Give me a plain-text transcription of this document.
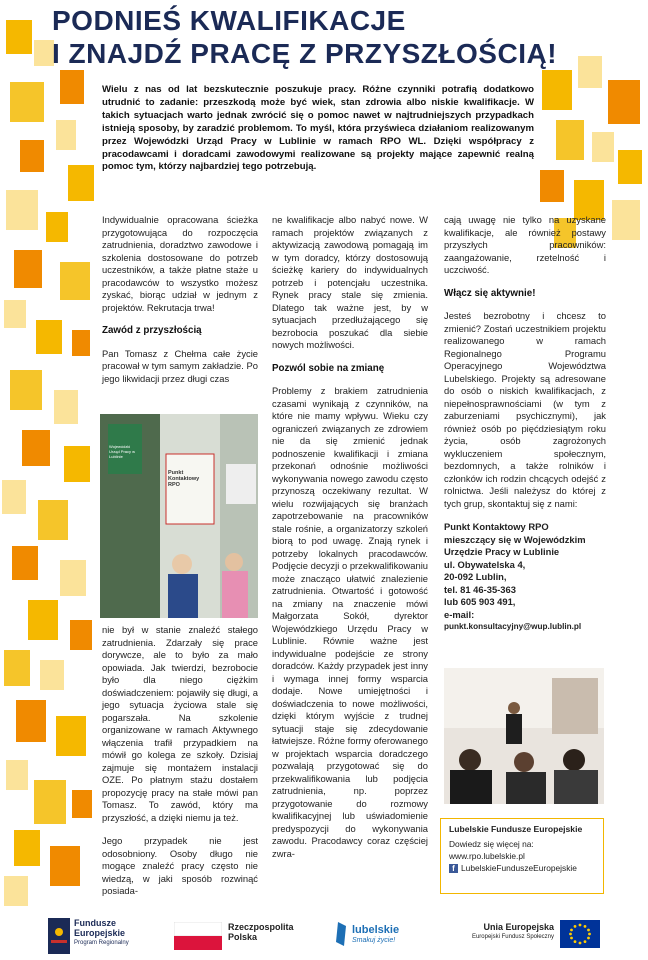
PODNIEŚ KWALIFIKACJE
I ZNAJDŹ PRACĘ Z PRZYSZŁOŚCIĄ!

Wielu z nas od lat bezskutecznie poszukuje pracy. Różne czynniki potrafią dodatkowo utrudnić to zadanie: przeszkodą może być wiek, stan zdrowia albo niskie kwalifikacje. W takich sytuacjach warto jednak zwrócić się o pomoc nawet w najtrudniejszych przypadkach istnieją sposoby, by zaradzić problemom. To myśl, która przyświeca działaniom realizowanym przez Wojewódzki Urząd Pracy w Lublinie w ramach RPO WL. Dzięki współpracy z pracodawcami i doradcami zawodowymi realizowane są projekty mające zapewnić realną pomoc tym, którzy najbardziej tego potrzebują.

Indywidualnie opracowana ścieżka przygotowująca do rozpoczęcia zatrudnienia, doradztwo zawodowe i szkolenia dostosowane do potrzeb uczestników, a także płatne staże u pracodawców to wszystko możesz zyskać, biorąc udział w jednym z projektów. Rekrutacja trwa!

Zawód z przyszłością

Pan Tomasz z Chełma całe życie pracował w tym samym zakładzie. Po jego likwidacji przez długi czas

Punkt Kontaktowy RPO
Wojewódzki Urząd Pracy w Lublinie

nie był w stanie znaleźć stałego zatrudnienia. Zdarzały się prace dorywcze, ale to było za mało opowiada. Jak twierdzi, bezrobocie było dla niego ciężkim doświadczeniem: pojawiły się długi, a jego sytuacja życiowa stale się pogarszała. Na szkolenie organizowane w ramach Aktywnego włączenia trafił przypadkiem na mówił go kolega ze szkoły. Dzisiaj zajmuje się montażem instalacji OZE. Po płatnym stażu dostałem propozycję pracy na stałe mówi pan Tomasz. To zawód, który ma przyszłość, a dzięki niemu ja też.

Jego przypadek nie jest odosobniony. Osoby długo nie mogące znaleźć pracy często nie wiedzą, w jaki sposób rozwinąć posiada-

ne kwalifikacje albo nabyć nowe. W ramach projektów związanych z aktywizacją zawodową pomagają im w tym doradcy, którzy dostosowują ścieżkę kariery do indywidualnych potrzeb i potencjału uczestnika. Rynek pracy stale się zmienia. Dlatego tak ważne jest, by w sytuacjach przedłużającego się bezrobocia poszukać dla siebie nowych możliwości.

Pozwól sobie na zmianę

Problemy z brakiem zatrudnienia czasami wynikają z czynników, na które nie mamy wpływu. Wieku czy ograniczeń związanych ze zdrowiem nie da się zmienić jednak podnoszenie kwalifikacji i zmiana przekonań odnośnie możliwości wykonywania nowego zawodu często przynoszą oczekiwany rezultat. W wielu rozwijających się branżach zapotrzebowanie na pracowników stale rośnie, a organizatorzy szkoleń biorą to pod uwagę. Znają rynek i potrzeby lokalnych pracodawców. Podjęcie decyzji o przekwalifikowaniu może znacząco ułatwić znalezienie zatrudnienia. Otwartość i gotowość na zmiany na znaczenie mówi Małgorzata Sokół, dyrektor Wojewódzkiego Urzędu Pracy w Lublinie. Równie ważne jest indywidualne podejście ze strony doradców. Każdy przypadek jest inny i wymaga innej formy wsparcia dodaje. Nowe umiejętności i doświadczenia to nowe możliwości, dzięki którym wyjście z trudnej sytuacji staje się zdecydowanie łatwiejsze. Różne formy oferowanego w projektach wsparcia doradczego pozwalają przygotować się do przekwalifikowania lub podjęcia zatrudnienia, np. poprzez przygotowanie do rozmowy kwalifikacyjnej lub uświadomienie predyspozycji do wykonywania zawodu. Pracodawcy coraz częściej zwra-

cają uwagę nie tylko na uzyskane kwalifikacje, ale również postawy przyszłych pracowników: zaangażowanie, rzetelność i uczciwość.

Włącz się aktywnie!

Jesteś bezrobotny i chcesz to zmienić? Zostań uczestnikiem projektu realizowanego w ramach Regionalnego Programu Operacyjnego Województwa Lubelskiego. Projekty są adresowane do osób o niskich kwalifikacjach, z niepełnosprawnościami (w tym z zaburzeniami psychicznymi), jak również osób po pięćdziesiątym roku życia, osób zagrożonych wykluczeniem społecznym, bezdomnych, a także rolników i członków ich rodzin chcących odejść z rolnictwa. Jeśli należysz do której z tych grup, skontaktuj się z nami:

Punkt Kontaktowy RPO
mieszczący się w Wojewódzkim
Urzędzie Pracy w Lublinie
ul. Obywatelska 4,
20-092 Lublin,
tel. 81 46-35-363
lub 605 903 491,
e-mail:
punkt.konsultacyjny@wup.lublin.pl
Lubelskie Fundusze Europejskie
Dowiedz się więcej na:
www.rpo.lubelskie.pl
f LubelskieFunduszeEuropejskie
Fundusze
Europejskie
Program Regionalny
Rzeczpospolita
Polska
lubelskie
Smakuj życie!
Unia Europejska
Europejski Fundusz Społeczny
